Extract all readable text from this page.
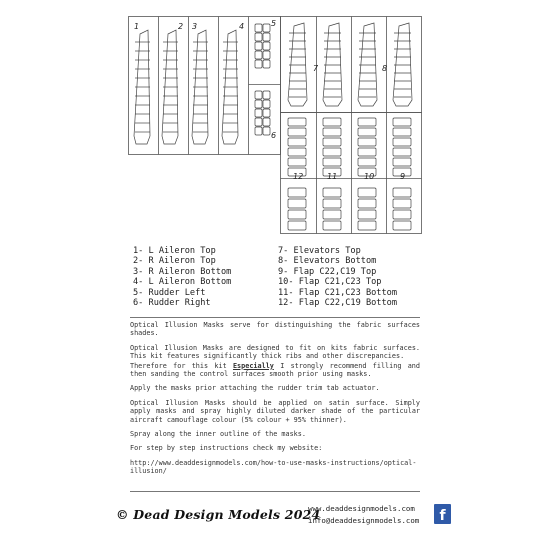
1	2 3	4	5
6
7	8
12	11	10	9
1- L Aileron Top
2- R Aileron Top
3- R Aileron Bottom
4- L Aileron Bottom
5- Rudder Left
6- Rudder Right
7- Elevators Top
8- Elevators Bottom
9- Flap C22,C19 Top
10- Flap C21,C23 Top
11- Flap C21,C23 Bottom
12- Flap C22,C19 Bottom

Optical Illusion Masks serve for distinguishing the fabric surfaces shades.

Optical Illusion Masks are designed to fit on kits fabric surfaces. This kit features significantly thick ribs and other discrepancies.

Therefore for this kit Especially I strongly recommend filling and then sanding the control surfaces smooth prior using masks.

Apply the masks prior attaching the rudder trim tab actuator.

Optical Illusion Masks should be applied on satin surface. Simply apply masks and spray highly diluted darker shade of the particular aircraft camouflage colour (5% colour + 95% thinner).

Spray along the inner outline of the masks.

For step by step instructions check my website:

http://www.deaddesignmodels.com/how-to-use-masks-instructions/optical-illusion/

© Dead Design Models 2024
www.deaddesignmodels.com
info@deaddesignmodels.com f
